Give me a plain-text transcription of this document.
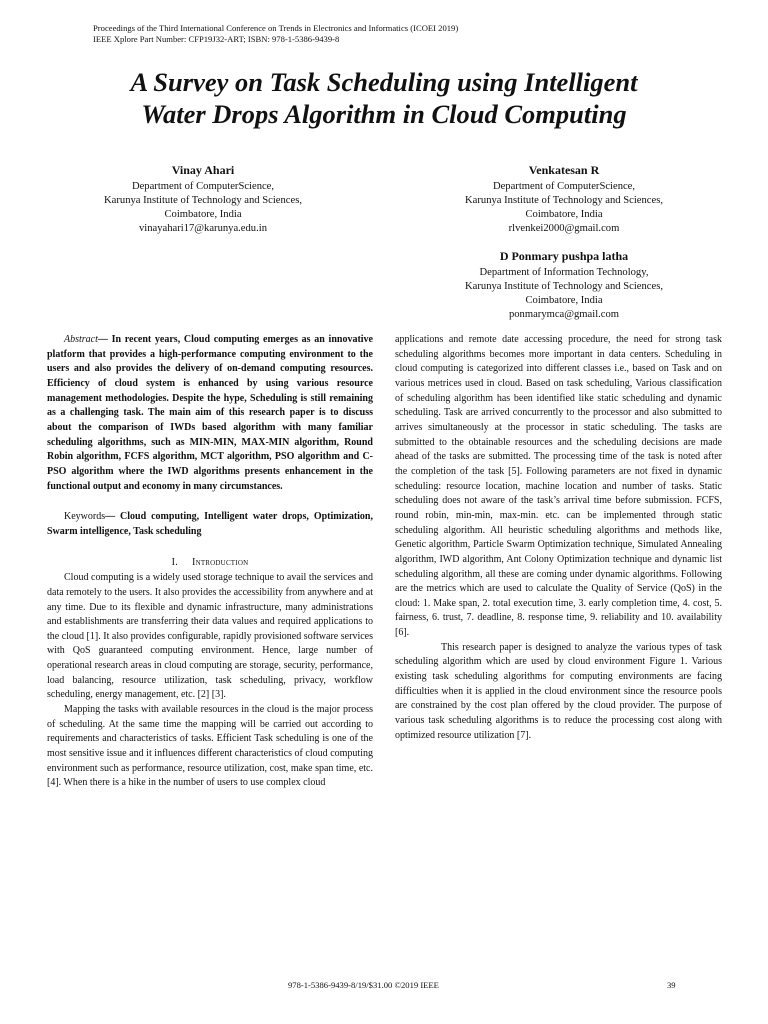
Proceedings of the Third International Conference on Trends in Electronics and Informatics (ICOEI 2019)
IEEE Xplore Part Number: CFP19J32-ART; ISBN: 978-1-5386-9439-8
A Survey on Task Scheduling using Intelligent
Water Drops Algorithm in Cloud Computing
Vinay Ahari
Department of ComputerScience,
Karunya Institute of Technology and Sciences,
Coimbatore, India
vinayahari17@karunya.edu.in
Venkatesan R
Department of ComputerScience,
Karunya Institute of Technology and Sciences,
Coimbatore, India
rlvenkei2000@gmail.com
D Ponmary pushpa latha
Department of Information Technology,
Karunya Institute of Technology and Sciences,
Coimbatore, India
ponmarymca@gmail.com

Abstract— In recent years, Cloud computing emerges as an innovative platform that provides a high-performance computing environment to the users and also provides the delivery of on-demand computing resources. Efficiency of cloud system is enhanced by using various resource management methodologies. Despite the hype, Scheduling is still remaining as a challenging task. The main aim of this research paper is to discuss about the comparison of IWDs based algorithm with many familiar scheduling algorithms, such as MIN-MIN, MAX-MIN algorithm, Round Robin algorithm, FCFS algorithm, MCT algorithm, PSO algorithm and C-PSO algorithm where the IWD algorithms presents enhancement in the functional output and economy in many circumstances.

Keywords— Cloud computing, Intelligent water drops, Optimization, Swarm intelligence, Task scheduling

I. Introduction

Cloud computing is a widely used storage technique to avail the services and data remotely to the users. It also provides the accessibility from anywhere and at any time. Due to its flexible and dynamic infrastructure, many administrations and establishments are transferring their data values and required applications to the cloud [1]. It also provides configurable, rapidly provisioned software services with QoS guaranteed computing environment. Hence, large number of operational research areas in cloud computing are storage, security, performance, load balancing, resource utilization, task scheduling, privacy, workflow scheduling, energy management, etc. [2] [3].

Mapping the tasks with available resources in the cloud is the major process of scheduling. At the same time the mapping will be carried out according to requirements and characteristics of tasks. Efficient Task scheduling is one of the most sensitive issue and it influences different characteristics of cloud computing environment such as performance, resource utilization, cost, make span time, etc. [4]. When there is a hike in the number of users to use complex cloud

applications and remote date accessing procedure, the need for strong task scheduling algorithms becomes more important in data centers. Scheduling in cloud computing is categorized into different classes i.e., based on Task and on various metrices used in cloud. Based on task scheduling, Various classification of scheduling algorithm has been identified like static scheduling and dynamic scheduling. Task are arrived concurrently to the processor and also submitted to arrives simultaneously at the processor in static scheduling. The tasks are submitted to the obtainable resources and the scheduling decisions are made ahead of the tasks are submitted. The processing time of the task is noted after the completion of the task [5]. Following parameters are not fixed in dynamic scheduling: resource location, machine location and number of tasks. Static scheduling does not aware of the task’s arrival time before submission. FCFS, round robin, min-min, max-min. etc. can be implemented through static scheduling algorithm. All heuristic scheduling algorithms and methods like, Genetic algorithm, Particle Swarm Optimization technique, Simulated Annealing algorithm, IWD algorithm, Ant Colony Optimization technique and dynamic list scheduling algorithm, all these are coming under dynamic algorithms. Following are the metrics which are used to calculate the Quality of Service (QoS) in the cloud: 1. Make span, 2. total execution time, 3. early completion time, 4. cost, 5. fairness, 6. trust, 7. deadline, 8. response time, 9. reliability and 10. availability [6].

This research paper is designed to analyze the various types of task scheduling algorithm which are used by cloud environment Figure 1. Various existing task scheduling algorithms for computing environments are facing difficulties when it is applied in the cloud environment since the resource pools are constrained by the cost plan offered by the cloud provider. The purpose of various task scheduling algorithms is to reduce the processing cost along with optimized resource utilization [7].

978-1-5386-9439-8/19/$31.00 ©2019 IEEE	39
